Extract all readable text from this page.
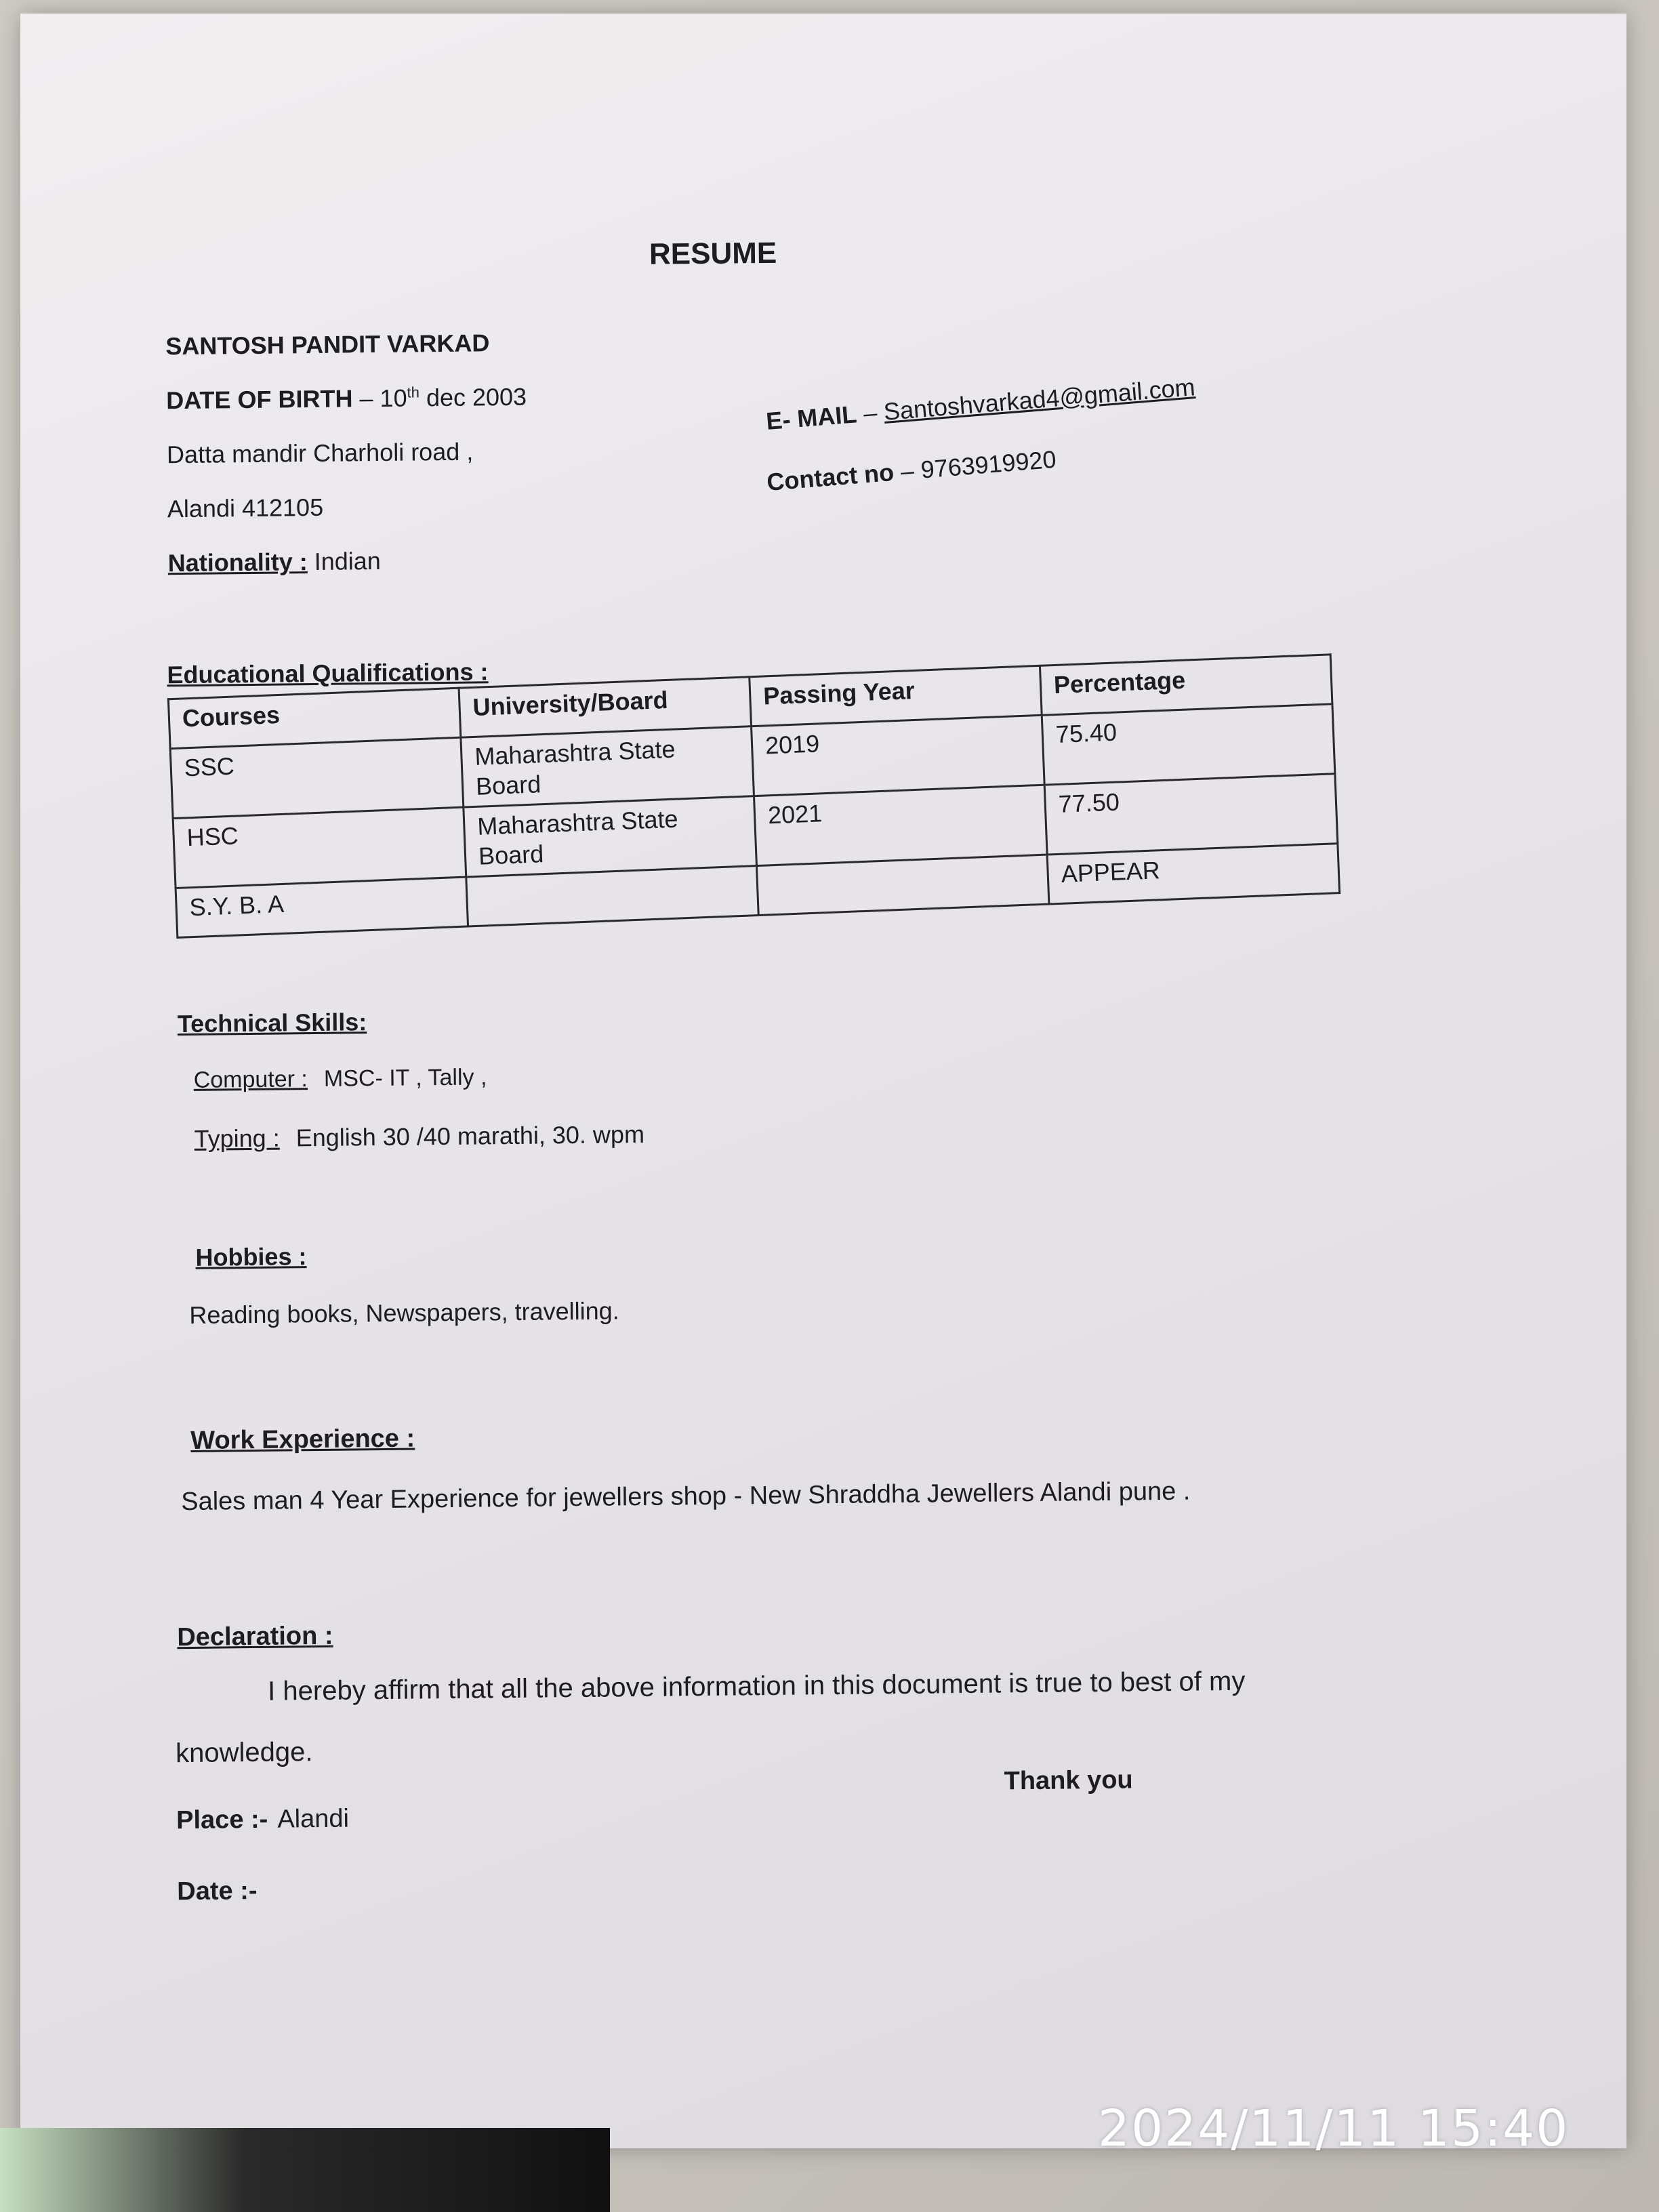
RESUME
SANTOSH PANDIT VARKAD
DATE OF BIRTH – 10th dec 2003
Datta mandir Charholi road ,
Alandi 412105
Nationality : Indian
E- MAIL – Santoshvarkad4@gmail.com
Contact no – 9763919920
Educational Qualifications :
Courses	University/Board	Passing Year	Percentage
SSC	Maharashtra State Board	2019	75.40
HSC	Maharashtra State Board	2021	77.50
S.Y. B. A			APPEAR
Technical Skills:
Computer : MSC- IT , Tally ,
Typing : English 30 /40 marathi, 30. wpm
Hobbies :
Reading books, Newspapers, travelling.
Work Experience :
Sales man 4 Year Experience for jewellers shop - New Shraddha Jewellers Alandi pune .
Declaration :
I hereby affirm that all the above information in this document is true to best of my
knowledge.
Thank you
Place :- Alandi
Date :-
2024/11/11 15:40
